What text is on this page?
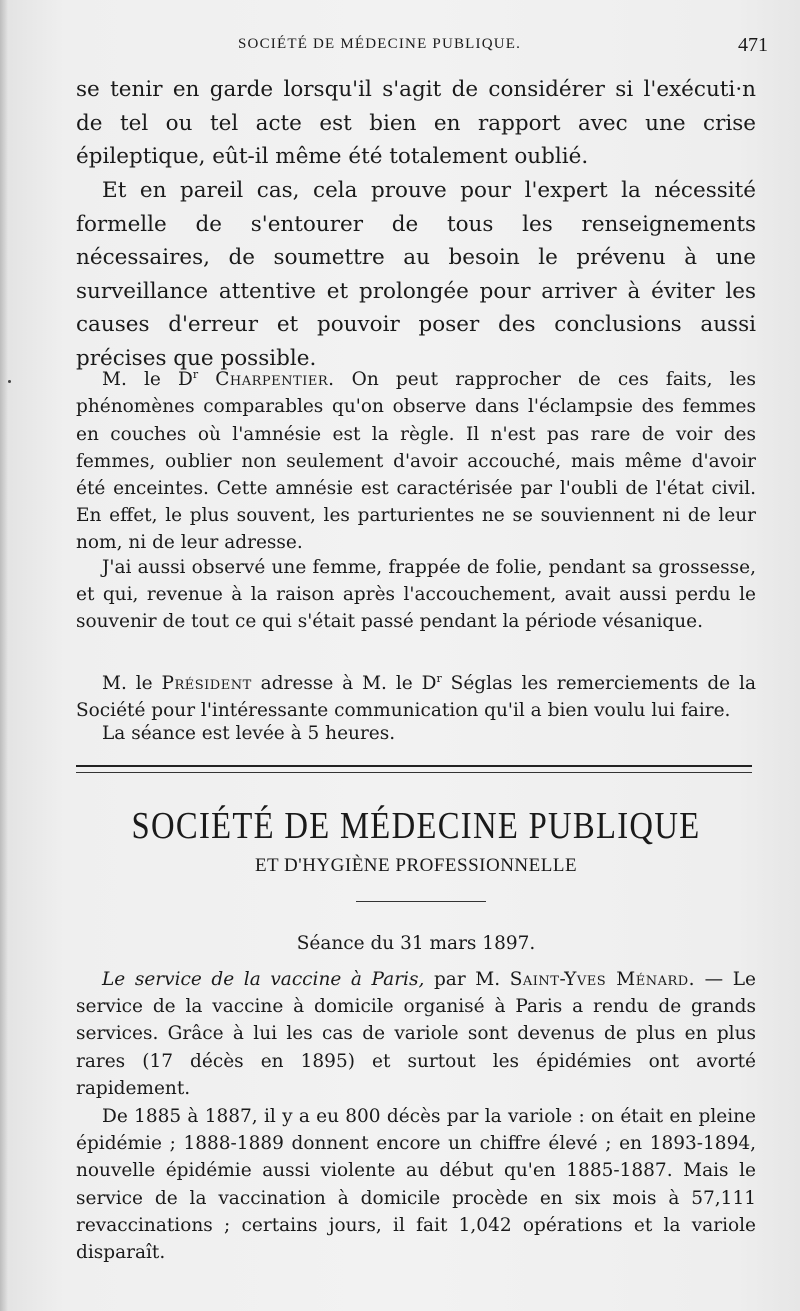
SOCIÉTÉ DE MÉDECINE PUBLIQUE.	471

se tenir en garde lorsqu'il s'agit de considérer si l'exécuti·n de tel ou tel acte est bien en rapport avec une crise épileptique, eût-il même été totalement oublié.

Et en pareil cas, cela prouve pour l'expert la nécessité formelle de s'entourer de tous les renseignements nécessaires, de soumettre au besoin le prévenu à une surveillance attentive et prolongée pour arriver à éviter les causes d'erreur et pouvoir poser des conclusions aussi précises que possible.

M. le $D^r$ Charpentier. On peut rapprocher de ces faits, les phénomènes comparables qu'on observe dans l'éclampsie des femmes en couches où l'amnésie est la règle. Il n'est pas rare de voir des femmes, oublier non seulement d'avoir accouché, mais même d'avoir été enceintes. Cette amnésie est caractérisée par l'oubli de l'état civil. En effet, le plus souvent, les parturientes ne se souviennent ni de leur nom, ni de leur adresse.

J'ai aussi observé une femme, frappée de folie, pendant sa grossesse, et qui, revenue à la raison après l'accouchement, avait aussi perdu le souvenir de tout ce qui s'était passé pendant la période vésanique.

M. le Président adresse à M. le $D^r$ Séglas les remerciements de la Société pour l'intéressante communication qu'il a bien voulu lui faire.

La séance est levée à 5 heures.

SOCIÉTÉ DE MÉDECINE PUBLIQUE

ET D'HYGIÈNE PROFESSIONNELLE

Séance du 31 mars 1897.

Le service de la vaccine à Paris, par M. Saint-Yves Ménard. — Le service de la vaccine à domicile organisé à Paris a rendu de grands services. Grâce à lui les cas de variole sont devenus de plus en plus rares (17 décès en 1895) et surtout les épidémies ont avorté rapidement.

De 1885 à 1887, il y a eu 800 décès par la variole : on était en pleine épidémie ; 1888-1889 donnent encore un chiffre élevé ; en 1893-1894, nouvelle épidémie aussi violente au début qu'en 1885-1887. Mais le service de la vaccination à domicile procède en six mois à 57,111 revaccinations ; certains jours, il fait 1,042 opérations et la variole disparaît.
